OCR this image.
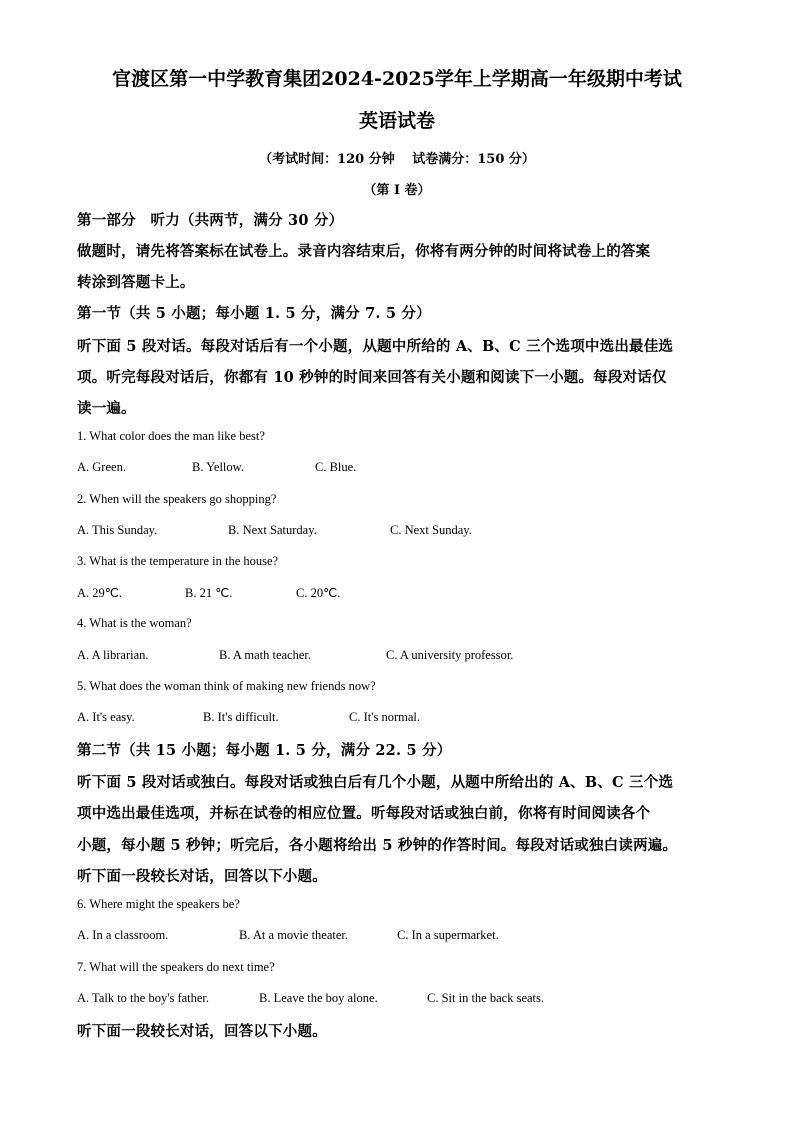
官渡区第一中学教育集团2024-2025学年上学期高一年级期中考试
英语试卷
（考试时间：120 分钟　 试卷满分：150 分）
（第 I 卷）
第一部分　听力（共两节，满分 30 分）
做题时，请先将答案标在试卷上。录音内容结束后，你将有两分钟的时间将试卷上的答案
转涂到答题卡上。
第一节（共 5 小题；每小题 1. 5 分，满分 7. 5 分）
听下面 5 段对话。每段对话后有一个小题，从题中所给的 A、B、C 三个选项中选出最佳选
项。听完每段对话后，你都有 10 秒钟的时间来回答有关小题和阅读下一小题。每段对话仅
读一遍。
1. What color does the man like best?
A. Green.	B. Yellow.	C. Blue.
2. When will the speakers go shopping?
A. This Sunday.	B. Next Saturday.	C. Next Sunday.
3. What is the temperature in the house?
A. 29℃.	B. 21 ℃.	C. 20℃.
4. What is the woman?
A. A librarian.	B. A math teacher.	C. A university professor.
5. What does the woman think of making new friends now?
A. It's easy.	B. It's difficult.	C. It's normal.
第二节（共 15 小题；每小题 1. 5 分，满分 22. 5 分）
听下面 5 段对话或独白。每段对话或独白后有几个小题，从题中所给出的 A、B、C 三个选
项中选出最佳选项，并标在试卷的相应位置。听每段对话或独白前，你将有时间阅读各个
小题，每小题 5 秒钟；听完后，各小题将给出 5 秒钟的作答时间。每段对话或独白读两遍。
听下面一段较长对话，回答以下小题。
6. Where might the speakers be?
A. In a classroom.	B. At a movie theater.	C. In a supermarket.
7. What will the speakers do next time?
A. Talk to the boy's father.	B. Leave the boy alone.	C. Sit in the back seats.
听下面一段较长对话，回答以下小题。
